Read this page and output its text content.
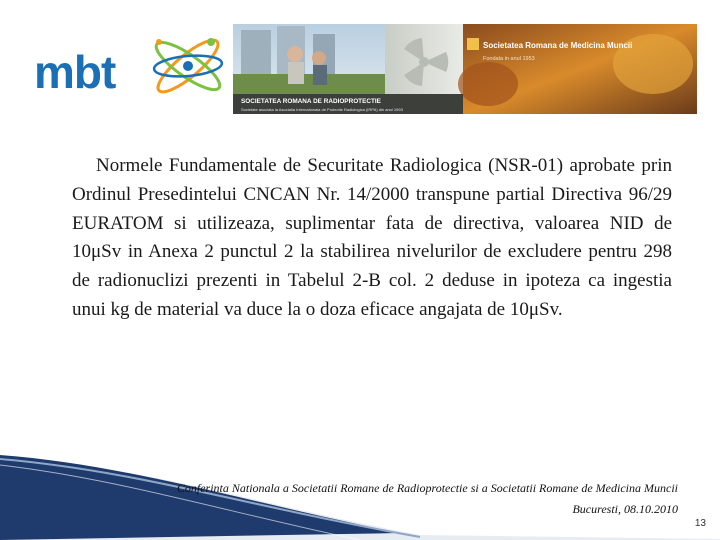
mbt
SOCIETATEA ROMANA DE RADIOPROTECTIE
Societate asociata la Asociatia Internationala de Protectie Radiologica (IRPA) din anul 1993
Societatea Romana de Medicina Muncii
Fondata in anul 1953

Normele Fundamentale de Securitate Radiologica (NSR-01) aprobate prin Ordinul Presedintelui CNCAN Nr. 14/2000 transpune partial Directiva 96/29 EURATOM si utilizeaza, suplimentar fata de directiva, valoarea NID de 10μSv in Anexa 2 punctul 2 la stabilirea nivelurilor de excludere pentru 298 de radionuclizi prezenti in Tabelul 2-B col. 2 deduse in ipoteza ca ingestia unui kg de material va duce la o doza eficace angajata de 10μSv.

Conferinta Nationala a Societatii Romane de Radioprotectie si a Societatii Romane de Medicina Muncii
Bucuresti, 08.10.2010
13
